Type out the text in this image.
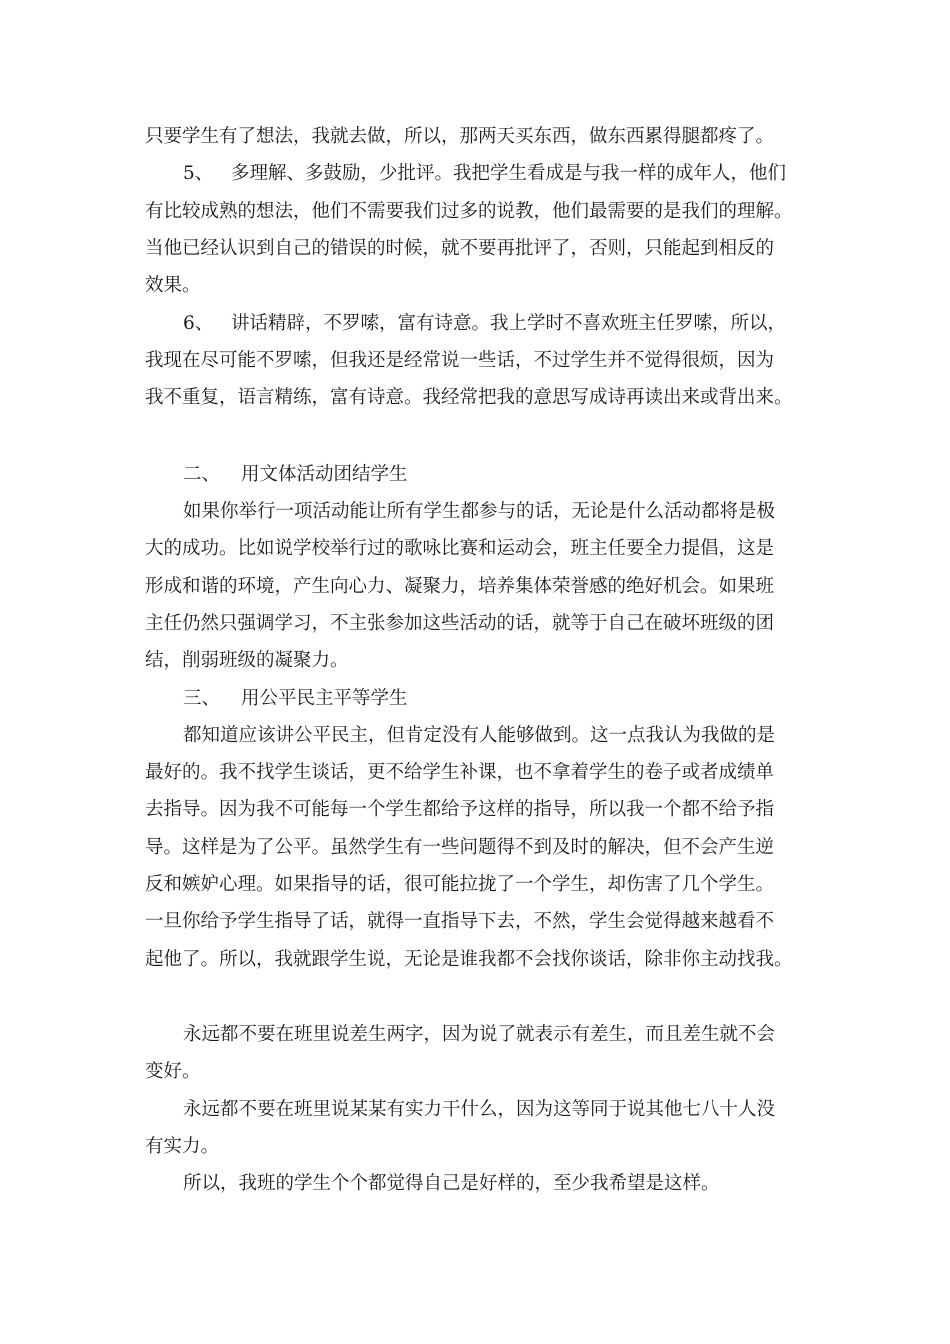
只要学生有了想法，我就去做，所以，那两天买东西，做东西累得腿都疼了。
5、 多理解、多鼓励，少批评。我把学生看成是与我一样的成年人，他们
有比较成熟的想法，他们不需要我们过多的说教，他们最需要的是我们的理解。
当他已经认识到自己的错误的时候，就不要再批评了，否则，只能起到相反的
效果。
6、 讲话精辟，不罗嗦，富有诗意。我上学时不喜欢班主任罗嗦，所以，
我现在尽可能不罗嗦，但我还是经常说一些话，不过学生并不觉得很烦，因为
我不重复，语言精练，富有诗意。我经常把我的意思写成诗再读出来或背出来。
二、 用文体活动团结学生
如果你举行一项活动能让所有学生都参与的话，无论是什么活动都将是极
大的成功。比如说学校举行过的歌咏比赛和运动会，班主任要全力提倡，这是
形成和谐的环境，产生向心力、凝聚力，培养集体荣誉感的绝好机会。如果班
主任仍然只强调学习，不主张参加这些活动的话，就等于自己在破坏班级的团
结，削弱班级的凝聚力。
三、 用公平民主平等学生
都知道应该讲公平民主，但肯定没有人能够做到。这一点我认为我做的是
最好的。我不找学生谈话，更不给学生补课，也不拿着学生的卷子或者成绩单
去指导。因为我不可能每一个学生都给予这样的指导，所以我一个都不给予指
导。这样是为了公平。虽然学生有一些问题得不到及时的解决，但不会产生逆
反和嫉妒心理。如果指导的话，很可能拉拢了一个学生，却伤害了几个学生。
一旦你给予学生指导了话，就得一直指导下去，不然，学生会觉得越来越看不
起他了。所以，我就跟学生说，无论是谁我都不会找你谈话，除非你主动找我。
永远都不要在班里说差生两字，因为说了就表示有差生，而且差生就不会
变好。
永远都不要在班里说某某有实力干什么，因为这等同于说其他七八十人没
有实力。
所以，我班的学生个个都觉得自己是好样的，至少我希望是这样。
